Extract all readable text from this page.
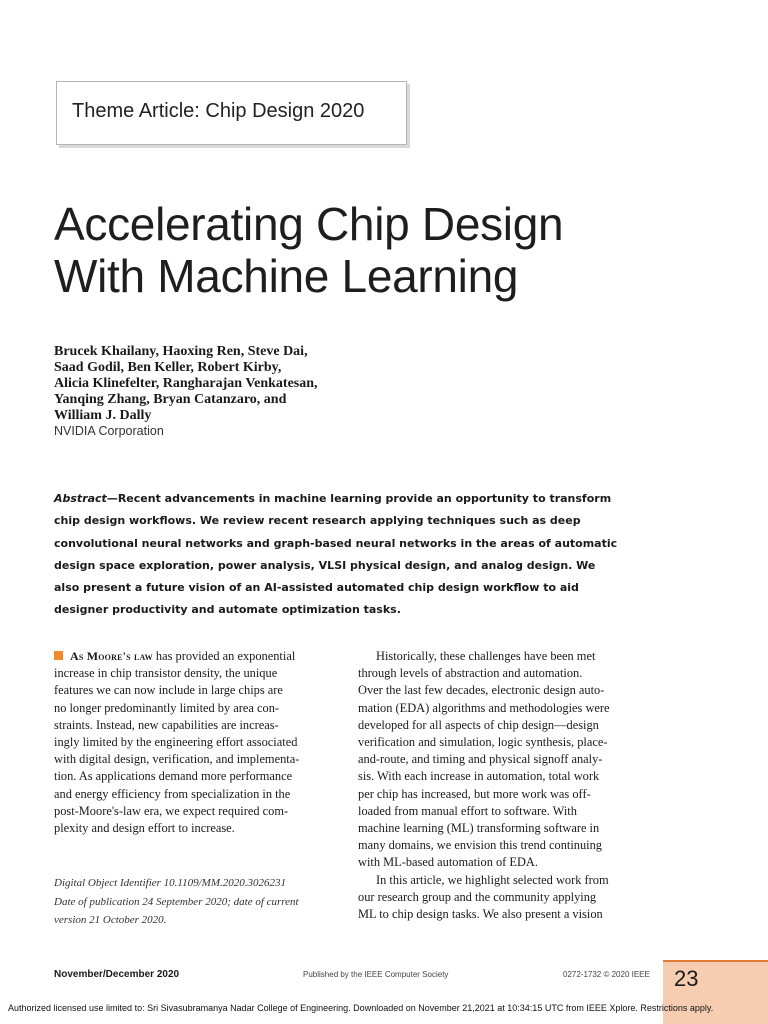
Theme Article: Chip Design 2020
Accelerating Chip Design
With Machine Learning
Brucek Khailany, Haoxing Ren, Steve Dai,
Saad Godil, Ben Keller, Robert Kirby,
Alicia Klinefelter, Rangharajan Venkatesan,
Yanqing Zhang, Bryan Catanzaro, and
William J. Dally
NVIDIA Corporation
Abstract—Recent advancements in machine learning provide an opportunity to transform
chip design workflows. We review recent research applying techniques such as deep
convolutional neural networks and graph-based neural networks in the areas of automatic
design space exploration, power analysis, VLSI physical design, and analog design. We
also present a future vision of an AI-assisted automated chip design workflow to aid
designer productivity and automate optimization tasks.
As Moore's law has provided an exponential
increase in chip transistor density, the unique
features we can now include in large chips are
no longer predominantly limited by area con-
straints. Instead, new capabilities are increas-
ingly limited by the engineering effort associated
with digital design, verification, and implementa-
tion. As applications demand more performance
and energy efficiency from specialization in the
post-Moore's-law era, we expect required com-
plexity and design effort to increase.
Historically, these challenges have been met
through levels of abstraction and automation.
Over the last few decades, electronic design auto-
mation (EDA) algorithms and methodologies were
developed for all aspects of chip design—design
verification and simulation, logic synthesis, place-
and-route, and timing and physical signoff analy-
sis. With each increase in automation, total work
per chip has increased, but more work was off-
loaded from manual effort to software. With
machine learning (ML) transforming software in
many domains, we envision this trend continuing
with ML-based automation of EDA.
In this article, we highlight selected work from
our research group and the community applying
ML to chip design tasks. We also present a vision
Digital Object Identifier 10.1109/MM.2020.3026231
Date of publication 24 September 2020; date of current
version 21 October 2020.
November/December 2020	Published by the IEEE Computer Society	0272-1732 © 2020 IEEE 23
Authorized licensed use limited to: Sri Sivasubramanya Nadar College of Engineering. Downloaded on November 21,2021 at 10:34:15 UTC from IEEE Xplore. Restrictions apply.
